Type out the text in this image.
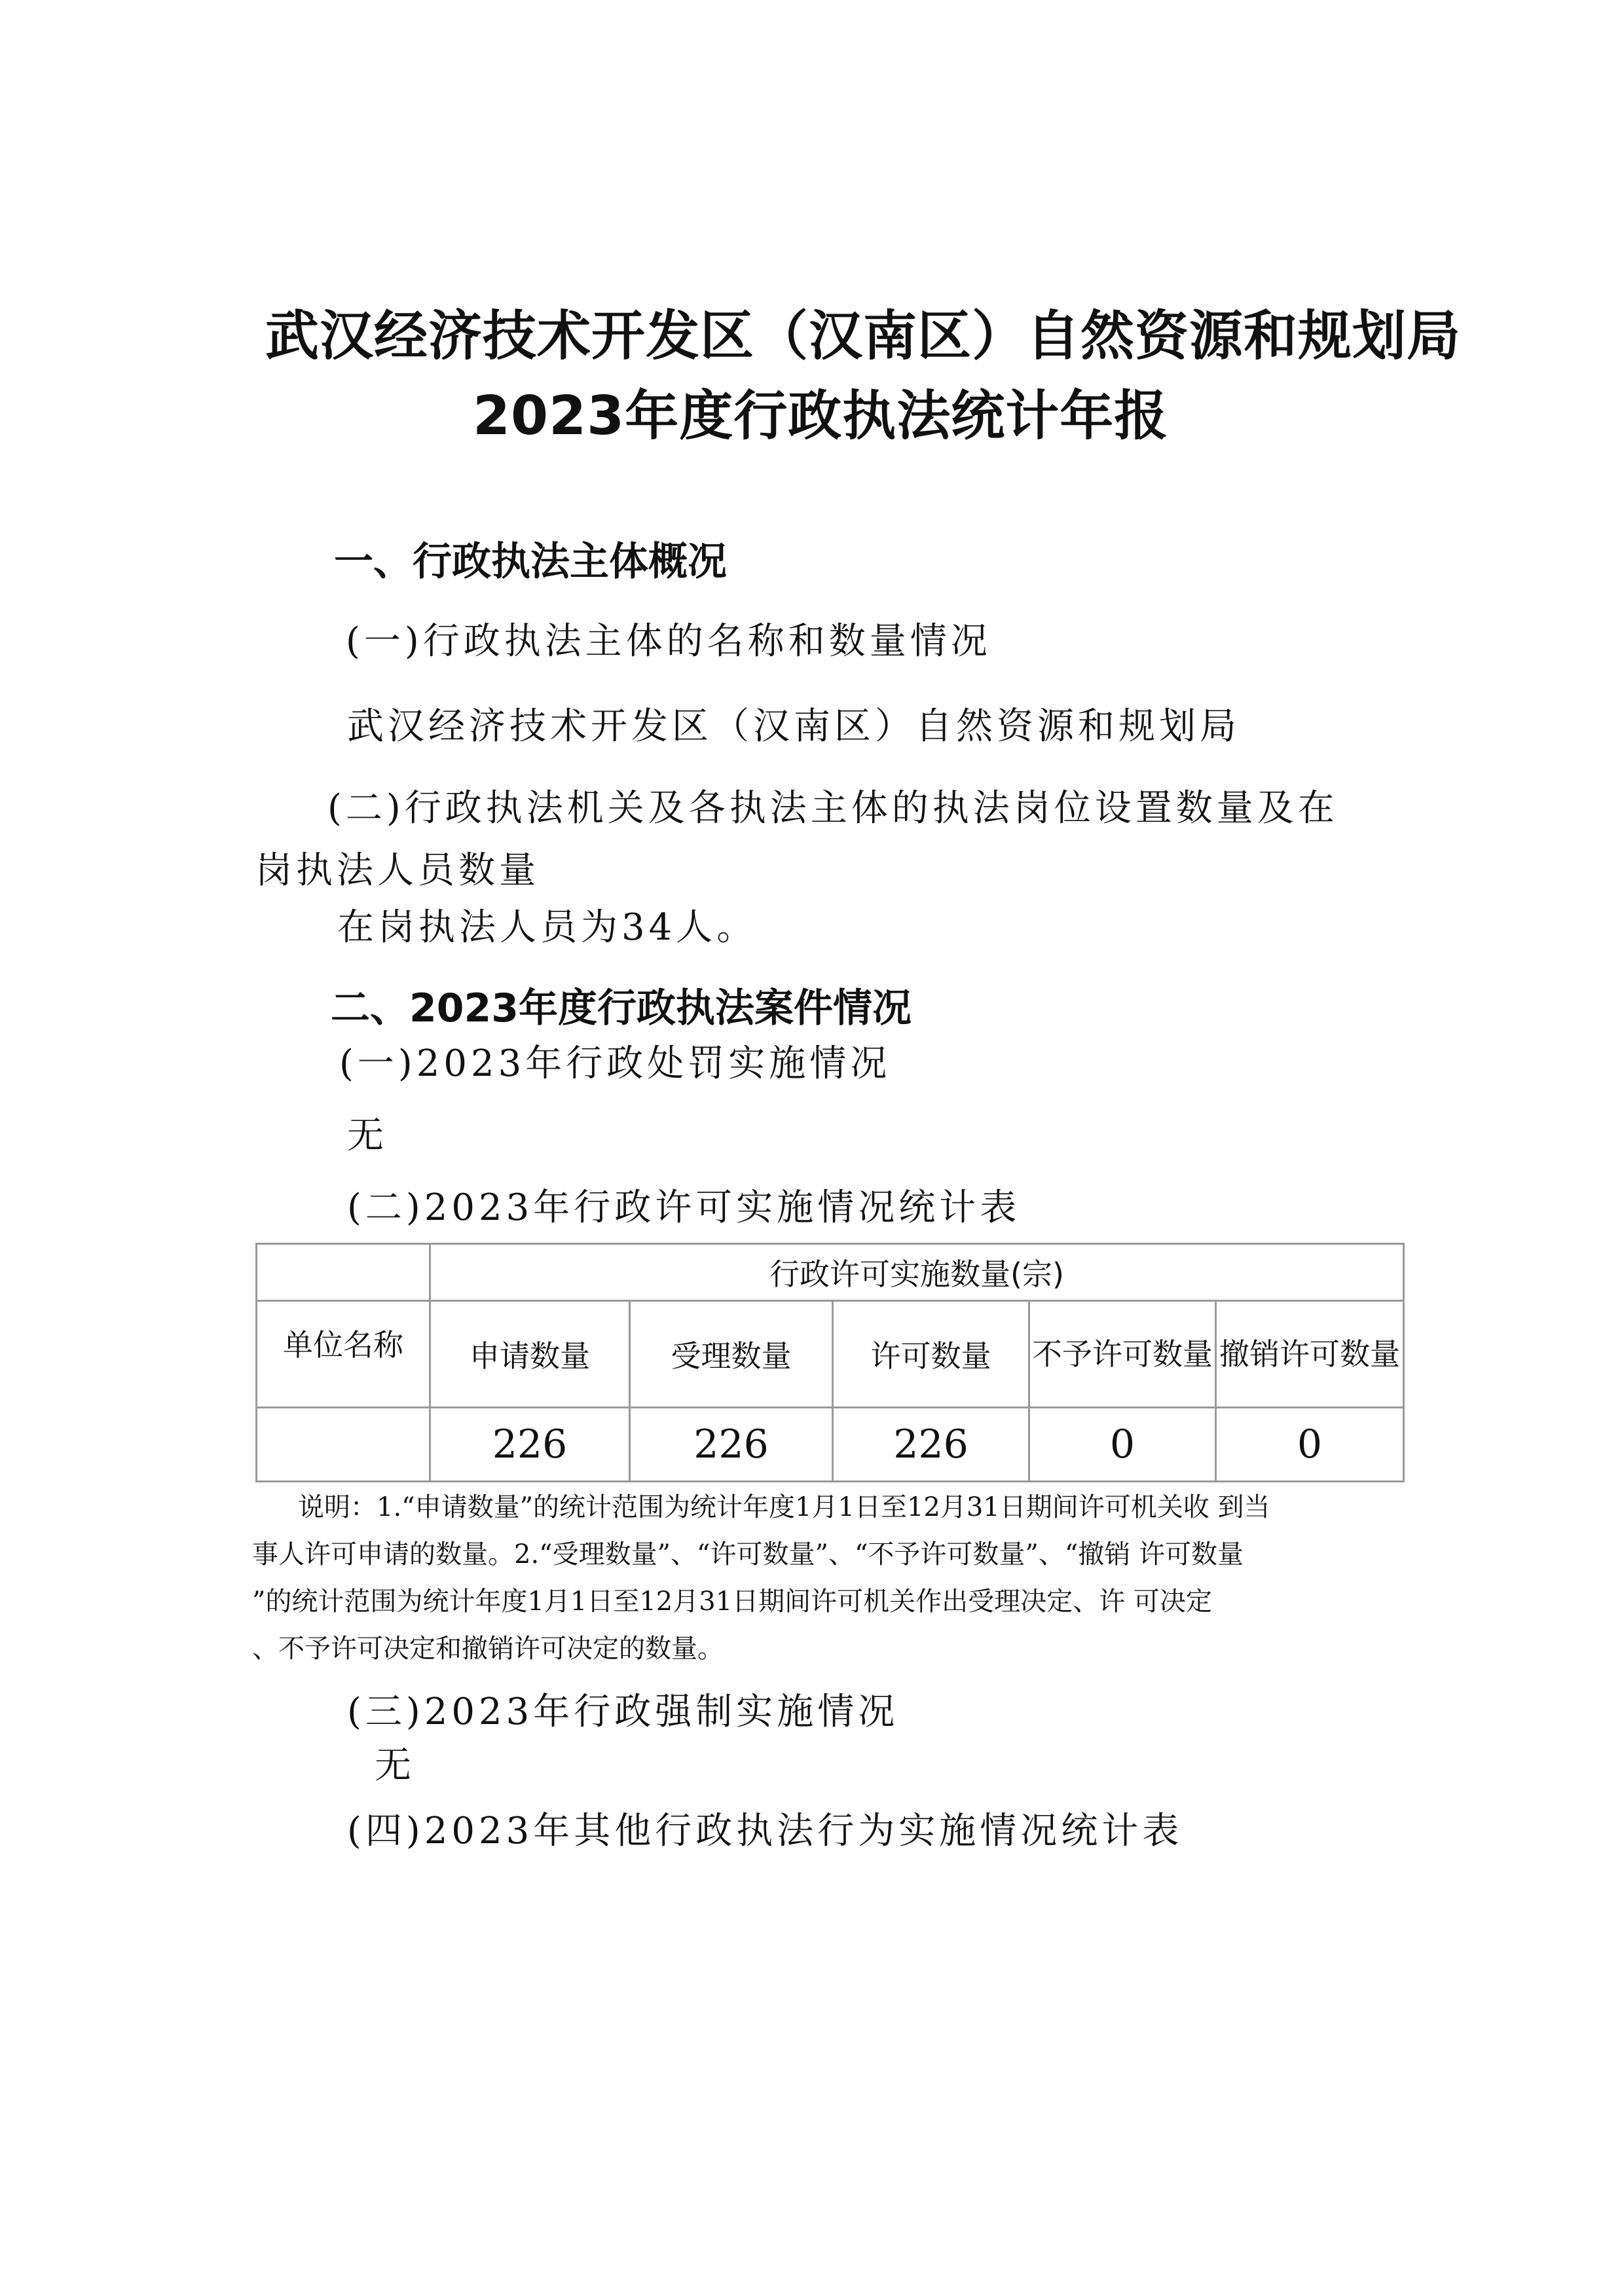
武汉经济技术开发区（汉南区）自然资源和规划局
2023年度行政执法统计年报
一、行政执法主体概况
(一)行政执法主体的名称和数量情况
武汉经济技术开发区（汉南区）自然资源和规划局
(二)行政执法机关及各执法主体的执法岗位设置数量及在
岗执法人员数量
在岗执法人员为34人。
二、2023年度行政执法案件情况
(一)2023年行政处罚实施情况
无
(二)2023年行政许可实施情况统计表
	行政许可实施数量(宗)				
单位名称	申请数量	受理数量	许可数量	不予许可数量	撤销许可数量
	226	226	226	0	0
说明：1.“申请数量”的统计范围为统计年度1月1日至12月31日期间许可机关收 到当
事人许可申请的数量。2.“受理数量”、“许可数量”、“不予许可数量”、“撤销 许可数量
”的统计范围为统计年度1月1日至12月31日期间许可机关作出受理决定、许 可决定
、不予许可决定和撤销许可决定的数量。
(三)2023年行政强制实施情况
无
(四)2023年其他行政执法行为实施情况统计表
